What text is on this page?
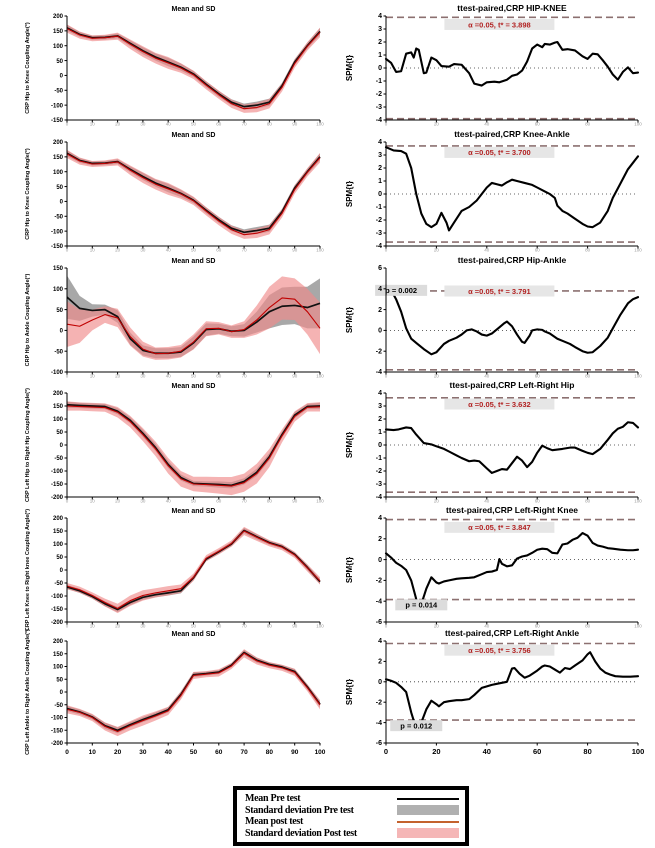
200
150
100
50
0
-50
-100
-150 0	10	20	30	40	50	60	70	80	90	100
Mean and SD
CRP Hip to Knee Coupling Angle(°)	α =0.05, t* = 3.898
4
3
2
1
0
-1
-2
-3
-4 0	20	40	60	80	100
ttest-paired,CRP HIP-KNEE
SPM{t}
200
150
100
50
0
-50
-100
-150 0	10	20	30	40	50	60	70	80	90	100
Mean and SD
CRP Hip to Knee Coupling Angle(°)	α =0.05, t* = 3.700
4
3
2
1
0
-1
-2
-3
-4 0	20	40	60	80	100
ttest-paired,CRP Knee-Ankle
SPM{t}
150
100
50
0
-50
-100 0	10	20	30	40	50	60	70	80	90	100
Mean and SD
CRP Hip to Ankle Coupling Angle(°)	α =0.05, t* = 3.791
p = 0.002
6
4
2
0
-2
-4 0	20	40	60	80	100
ttest-paired,CRP Hip-Ankle
SPM{t}
200
150
100
50
0
-50
-100
-150
-200 0	10	20	30	40	50	60	70	80	90	100
Mean and SD
CRP Left Hip to Right Hip Coupling Angle(°)	α =0.05, t* = 3.632
4
3
2
1
0
-1
-2
-3
-4 0	20	40	60	80	100
ttest-paired,CRP Left-Right Hip
SPM{t}
200
150
100
50
0
-50
-100
-150
-200 0	10	20	30	40	50	60	70	80	90	100
Mean and SD
CRP Left Knee to Right knee Coupling Angle(°)	α =0.05, t* = 3.847
p = 0.014
4
2
0
-2
-4
-6 0	20	40	60	80	100
ttest-paired,CRP Left-Right Knee
SPM{t}
200
150
100
50
0
-50
-100
-150
-200
0	10	20	30	40	50	60	70	80	90	100
Mean and SD
CRP Left Ankle to Right Ankle Coupling Angle(°)	α =0.05, t* = 3.756
p = 0.012
4
2
0
-2
-4
-6
0	20	40	60	80	100
ttest-paired,CRP Left-Right Ankle
SPM{t}
Mean Pre test
Standard deviation Pre test
Mean post test
Standard deviation Post test
